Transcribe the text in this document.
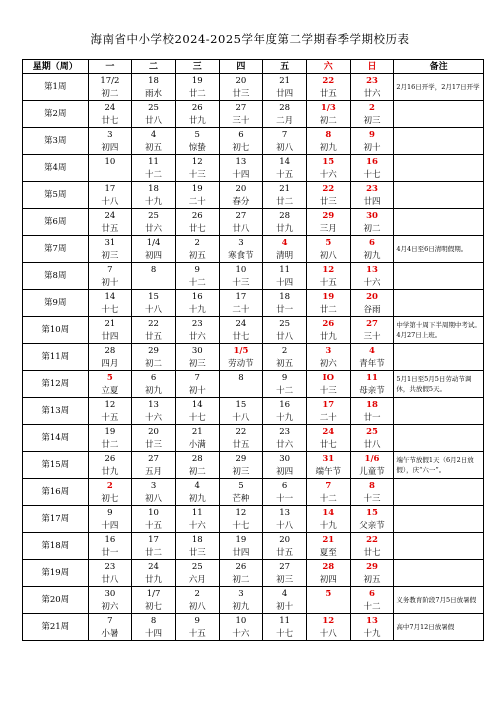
海南省中小学校2024-2025学年度第二学期春季学期校历表
星期（周）	一	二	三	四	五	六	日	备注
第1周	17/2	18	19	20	21	22	23	2月16日开学，2月17日开学
	初二	雨水	廿二	廿三	廿四	廿五	廿六	
第2周	24	25	26	27	28	1/3	2	
	廿七	廿八	廿九	三十	二月	初二	初三	
第3周	3	4	5	6	7	8	9	
	初四	初五	惊蛰	初七	初八	初九	初十	
第4周	10	11	12	13	14	15	16	
		十二	十三	十四	十五	十六	十七	
第5周	17	18	19	20	21	22	23	
	十八	十九	二十	春分	廿二	廿三	廿四	
第6周	24	25	26	27	28	29	30	
	廿五	廿六	廿七	廿八	廿九	三月	初二	
第7周	31	1/4	2	3	4	5	6	4月4日至6日清明假期。
	初三	初四	初五	寒食节	清明	初八	初九	
第8周	7	8	9	10	11	12	13	
	初十		十二	十三	十四	十五	十六	
第9周	14	15	16	17	18	19	20	
	十七	十八	十九	二十	廿一	廿二	谷雨	
第10周	21	22	23	24	25	26	27	中学第十周下半周期中考试。4月27日上班。
	廿四	廿五	廿六	廿七	廿八	廿九	三十	
第11周	28	29	30	1/5	2	3	4	
	四月	初二	初三	劳动节	初五	初六	青年节	
第12周	5	6	7	8	9	IO	11	5月1日至5月5日劳动节调休，共放假5天。
	立夏	初九	初十		十二	十三	母亲节	
第13周	12	13	14	15	16	17	18	
	十五	十六	十七	十八	十九	二十	廿一	
第14周	19	20	21	22	23	24	25	
	廿二	廿三	小满	廿五	廿六	廿七	廿八	
第15周	26	27	28	29	30	31	1/6	端午节放假1天（6月2日放假），庆“六一”。
	廿九	五月	初二	初三	初四	端午节	儿童节	
第16周	2	3	4	5	6	7	8	
	初七	初八	初九	芒种	十一	十二	十三	
第17周	9	10	11	12	13	14	15	
	十四	十五	十六	十七	十八	十九	父亲节	
第18周	16	17	18	19	20	21	22	
	廿一	廿二	廿三	廿四	廿五	夏至	廿七	
第19周	23	24	25	26	27	28	29	
	廿八	廿九	六月	初二	初三	初四	初五	
第20周	30	1/7	2	3	4	5	6	义务教育阶段7月5日放暑假
	初六	初七	初八	初九	初十		十二	
第21周	7	8	9	10	11	12	13	高中7月12日放暑假
	小暑	十四	十五	十六	十七	十八	十九	
